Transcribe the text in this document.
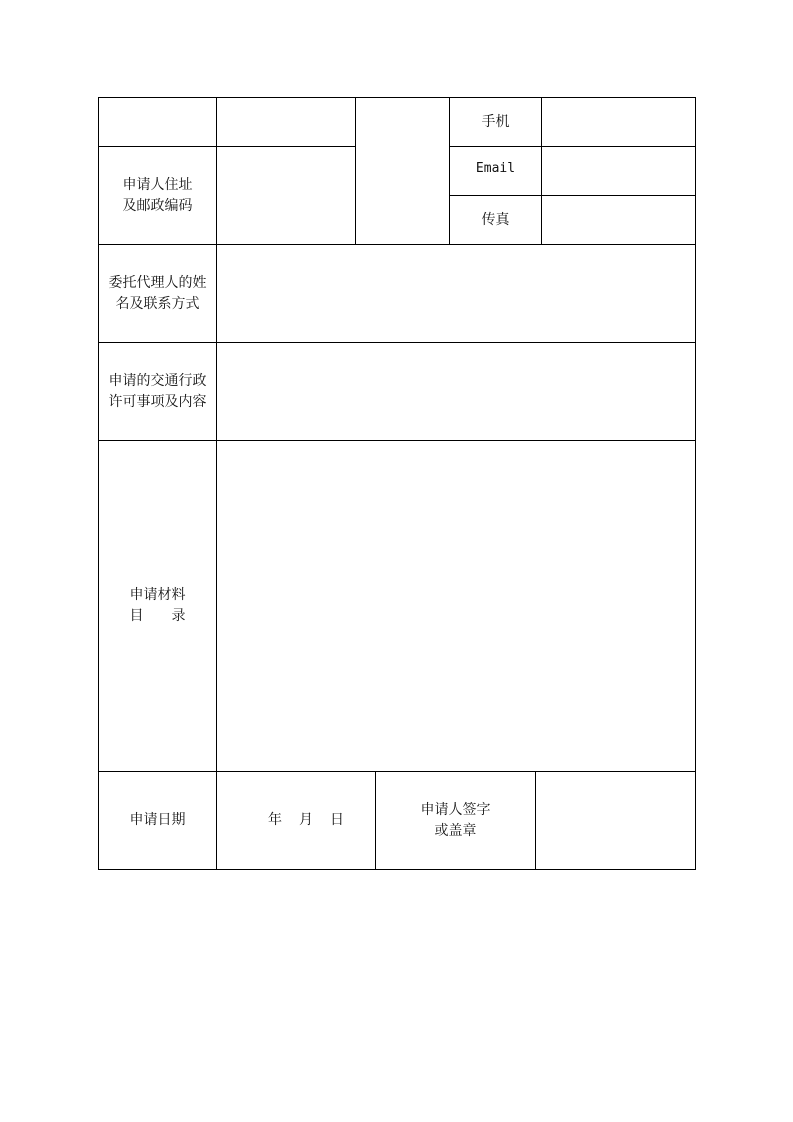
手机
Email
传真
申请人住址
及邮政编码
委托代理人的姓
名及联系方式
申请的交通行政
许可事项及内容
申请材料
目 录
申请日期	年 月 日
申请人签字
或盖章
